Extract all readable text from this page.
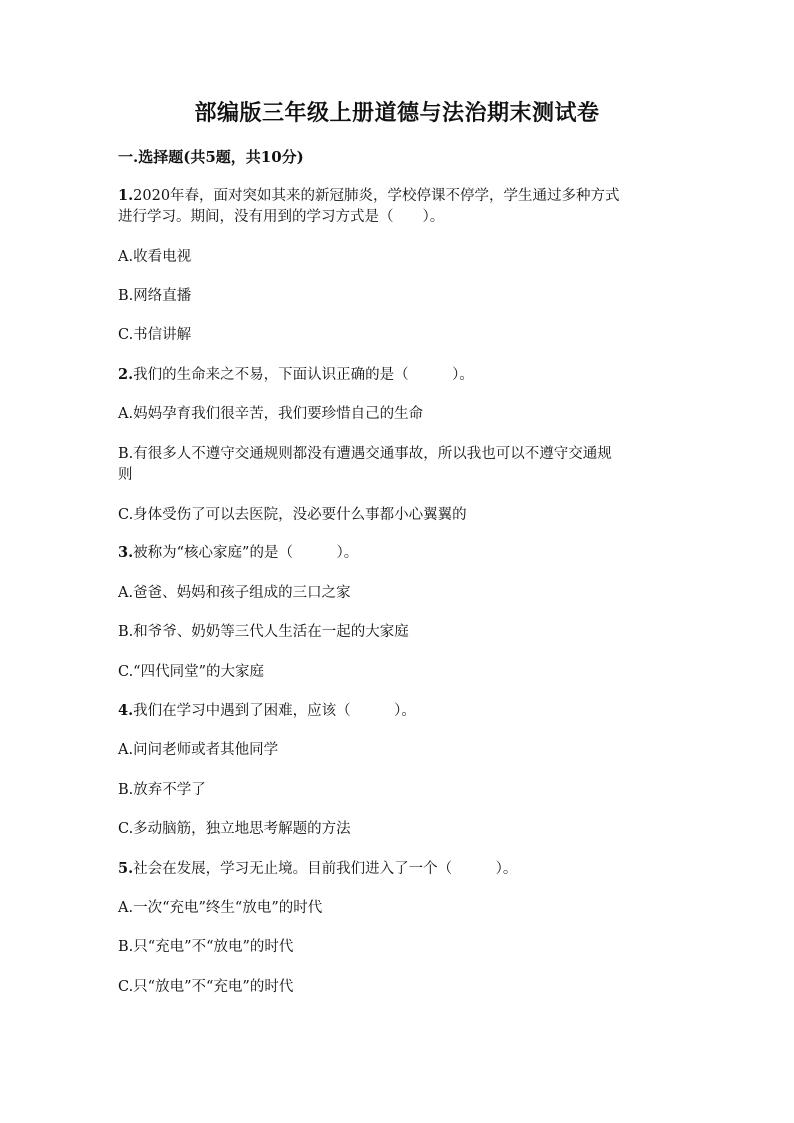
部编版三年级上册道德与法治期末测试卷
一.选择题(共5题，共10分)
1.2020年春，面对突如其来的新冠肺炎，学校停课不停学，学生通过多种方式
进行学习。期间，没有用到的学习方式是（　　）。
A.收看电视
B.网络直播
C.书信讲解
2.我们的生命来之不易，下面认识正确的是（　　　）。
A.妈妈孕育我们很辛苦，我们要珍惜自己的生命
B.有很多人不遵守交通规则都没有遭遇交通事故，所以我也可以不遵守交通规
则
C.身体受伤了可以去医院，没必要什么事都小心翼翼的
3.被称为“核心家庭”的是（　　　）。
A.爸爸、妈妈和孩子组成的三口之家
B.和爷爷、奶奶等三代人生活在一起的大家庭
C.“四代同堂”的大家庭
4.我们在学习中遇到了困难，应该（　　　）。
A.问问老师或者其他同学
B.放弃不学了
C.多动脑筋，独立地思考解题的方法
5.社会在发展，学习无止境。目前我们进入了一个（　　　）。
A.一次“充电”终生“放电”的时代
B.只“充电”不“放电”的时代
C.只“放电”不“充电”的时代
